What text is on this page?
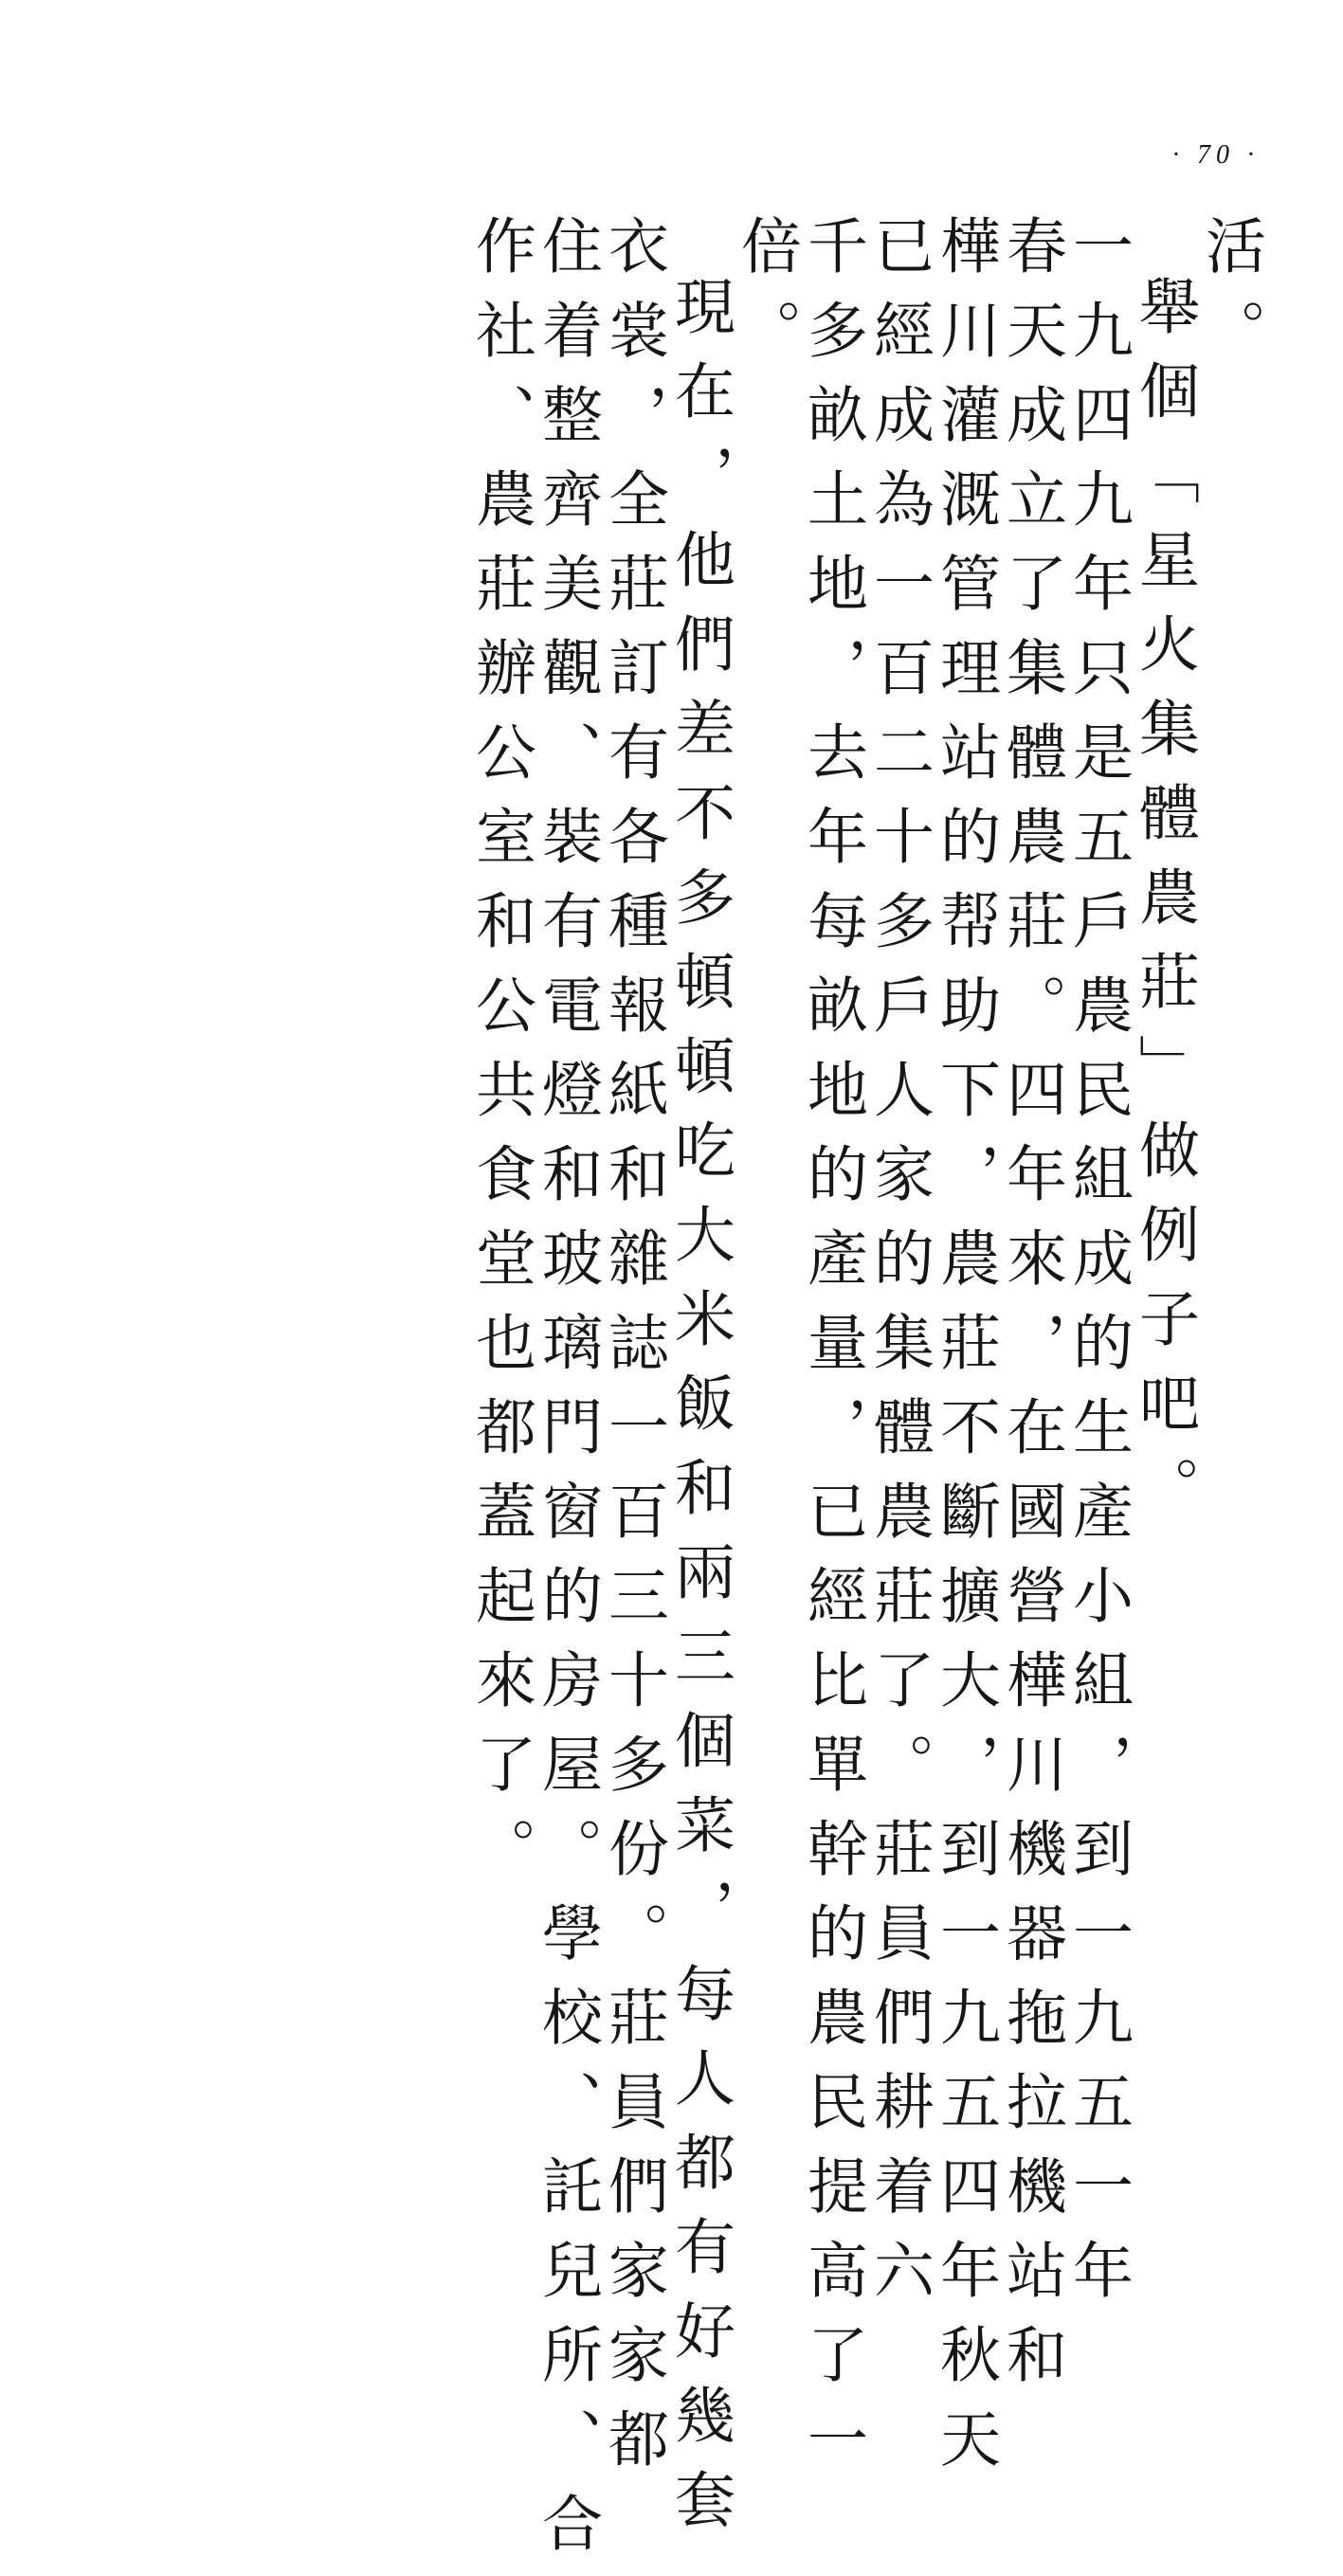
· 70 ·
活。
舉個「星火集體農莊」做例子吧。
一九四九年只是五戶農民組成的生產小組，到一九五一年
春天成立了集體農莊。四年來，在國營樺川機器拖拉機站和
樺川灌溉管理站的帮助下，農莊不斷擴大，到一九五四年秋天
已經成為一百二十多戶人家的集體農莊了。莊員們耕着六
千多畝土地，去年每畝地的產量，已經比單幹的農民提高了一
倍。
現在，他們差不多頓頓吃大米飯和兩三個菜，每人都有好幾套
衣裳，全莊訂有各種報紙和雜誌一百三十多份。莊員們家家都
住着整齊美觀、裝有電燈和玻璃門窗的房屋。學校、託兒所、合
作社、農莊辦公室和公共食堂也都蓋起來了。
